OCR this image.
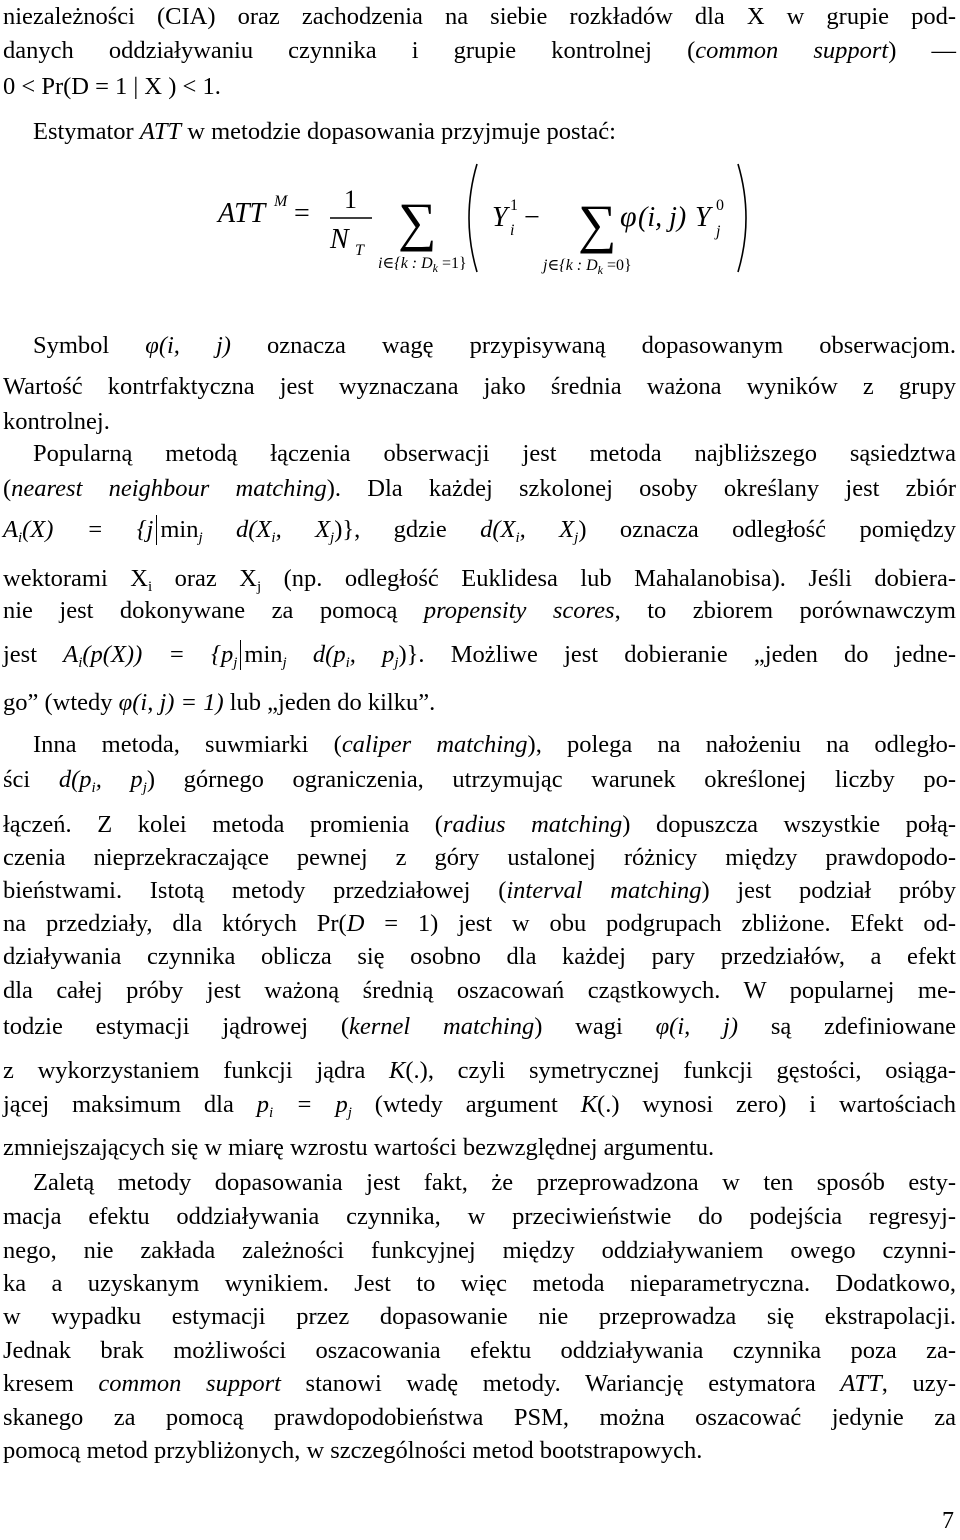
niezależności (CIA) oraz zachodzenia na siebie rozkładów dla X w grupie pod-

danych oddziaływaniu czynnika i grupie kontrolnej (common support) —

0 < Pr(D = 1 | X ) < 1.

Estymator ATT w metodzie dopasowania przyjmuje postać:

ATT M = 1
N T ∑
i∈{k : $D_k =1$}
Y 1
i − ∑
j∈{k : $D_k =0$}
φ (i, j) Y 0
j

Symbol φ(i, j) oznacza wagę przypisywaną dopasowanym obserwacjom.

Wartość kontrfaktyczna jest wyznaczana jako średnia ważona wyników z grupy

kontrolnej.

Popularną metodą łączenia obserwacji jest metoda najbliższego sąsiedztwa

(nearest neighbour matching). Dla każdej szkolonej osoby określany jest zbiór

$A_i(X) = \{j$ $\min_j d(X_i$, $X_j$)}, gdzie $d(X_i$, $X_j$) oznacza odległość pomiędzy

wektorami $X_i$ oraz $X_j$ (np. odległość Euklidesa lub Mahalanobisa). Jeśli dobiera-

nie jest dokonywane za pomocą propensity scores, to zbiorem porównawczym

jest $A_i(p(X)) = \{p_j$ $\min_j d(p_i$, $p_j$)}. Możliwe jest dobieranie „jeden do jedne-

go” (wtedy φ(i, j) = 1) lub „jeden do kilku”.

Inna metoda, suwmiarki (caliper matching), polega na nałożeniu na odległo-

ści $d(p_i$, $p_j$) górnego ograniczenia, utrzymując warunek określonej liczby po-

łączeń. Z kolei metoda promienia (radius matching) dopuszcza wszystkie połą-

czenia nieprzekraczające pewnej z góry ustalonej różnicy między prawdopodo-

bieństwami. Istotą metody przedziałowej (interval matching) jest podział próby

na przedziały, dla których Pr(D = 1) jest w obu podgrupach zbliżone. Efekt od-

działywania czynnika oblicza się osobno dla każdej pary przedziałów, a efekt

dla całej próby jest ważoną średnią oszacowań cząstkowych. W popularnej me-

todzie estymacji jądrowej (kernel matching) wagi φ(i, j) są zdefiniowane

z wykorzystaniem funkcji jądra K(.), czyli symetrycznej funkcji gęstości, osiąga-

jącej maksimum dla $p_i = p_j$ (wtedy argument K(.) wynosi zero) i wartościach

zmniejszających się w miarę wzrostu wartości bezwzględnej argumentu.

Zaletą metody dopasowania jest fakt, że przeprowadzona w ten sposób esty-

macja efektu oddziaływania czynnika, w przeciwieństwie do podejścia regresyj-

nego, nie zakłada zależności funkcyjnej między oddziaływaniem owego czynni-

ka a uzyskanym wynikiem. Jest to więc metoda nieparametryczna. Dodatkowo,

w wypadku estymacji przez dopasowanie nie przeprowadza się ekstrapolacji.

Jednak brak możliwości oszacowania efektu oddziaływania czynnika poza za-

kresem common support stanowi wadę metody. Wariancję estymatora ATT, uzy-

skanego za pomocą prawdopodobieństwa PSM, można oszacować jedynie za

pomocą metod przybliżonych, w szczególności metod bootstrapowych.

7
